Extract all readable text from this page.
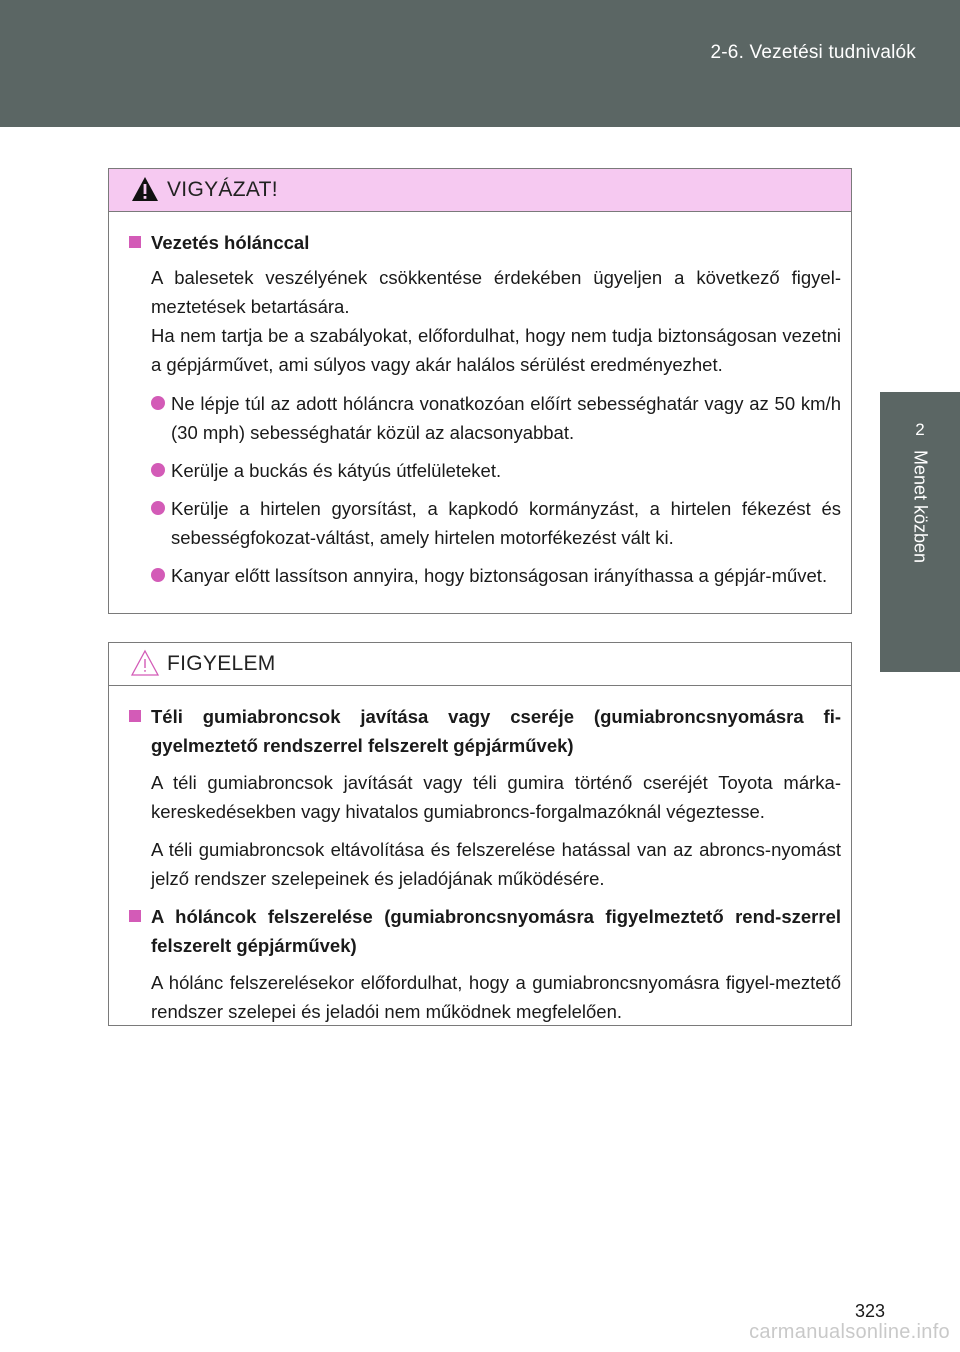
2-6. Vezetési tudnivalók
2
Menet közben
VIGYÁZAT!
Vezetés hólánccal
A balesetek veszélyének csökkentése érdekében ügyeljen a következő figyel-meztetések betartására.
Ha nem tartja be a szabályokat, előfordulhat, hogy nem tudja biztonságosan vezetni a gépjárművet, ami súlyos vagy akár halálos sérülést eredményezhet.
Ne lépje túl az adott hóláncra vonatkozóan előírt sebességhatár vagy az 50 km/h (30 mph) sebességhatár közül az alacsonyabbat.
Kerülje a buckás és kátyús útfelületeket.
Kerülje a hirtelen gyorsítást, a kapkodó kormányzást, a hirtelen fékezést és sebességfokozat-váltást, amely hirtelen motorfékezést vált ki.
Kanyar előtt lassítson annyira, hogy biztonságosan irányíthassa a gépjár-művet.
FIGYELEM
Téli gumiabroncsok javítása vagy cseréje (gumiabroncsnyomásra fi-gyelmeztető rendszerrel felszerelt gépjárművek)
A téli gumiabroncsok javítását vagy téli gumira történő cseréjét Toyota márka-kereskedésekben vagy hivatalos gumiabroncs-forgalmazóknál végeztesse.
A téli gumiabroncsok eltávolítása és felszerelése hatással van az abroncs-nyomást jelző rendszer szelepeinek és jeladójának működésére.
A hóláncok felszerelése (gumiabroncsnyomásra figyelmeztető rend-szerrel felszerelt gépjárművek)
A hólánc felszerelésekor előfordulhat, hogy a gumiabroncsnyomásra figyel-meztető rendszer szelepei és jeladói nem működnek megfelelően.
323
carmanualsonline.info
